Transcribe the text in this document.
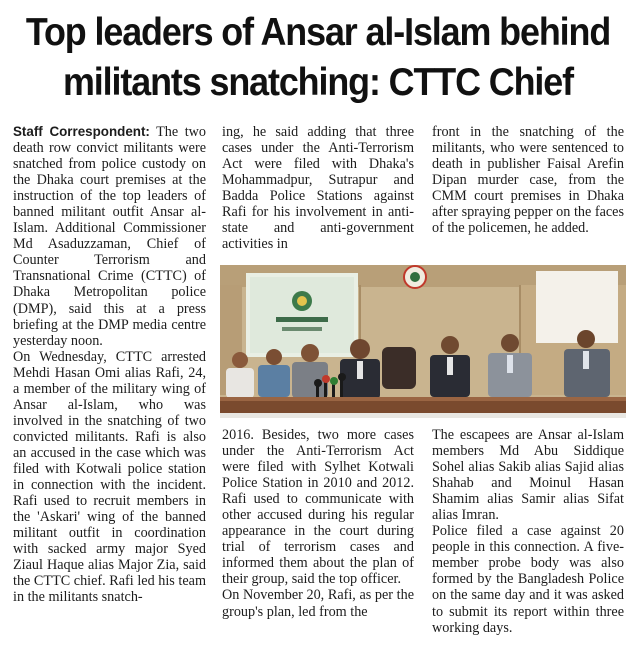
Top leaders of Ansar al-Islam behind
militants snatching: CTTC Chief

Staff Correspondent: The two death row convict militants were snatched from police custody on the Dhaka court premises at the instruction of the top leaders of banned militant outfit Ansar al-Islam. Additional Commissioner Md Asaduzzaman, Chief of Counter Terrorism and Transnational Crime (CTTC) of Dhaka Metropolitan police (DMP), said this at a press briefing at the DMP media centre yesterday noon.

On Wednesday, CTTC arrested Mehdi Hasan Omi alias Rafi, 24, a member of the military wing of Ansar al-Islam, who was involved in the snatching of two convicted militants. Rafi is also an accused in the case which was filed with Kotwali police station in connection with the incident. Rafi used to recruit members in the 'Askari' wing of the banned militant outfit in coordination with sacked army major Syed Ziaul Haque alias Major Zia, said the CTTC chief. Rafi led his team in the militants snatch-

ing, he said adding that three cases under the Anti-Terrorism Act were filed with Dhaka's Mohammadpur, Sutrapur and Badda Police Stations against Rafi for his involvement in anti-state and anti-government activities in

front in the snatching of the militants, who were sentenced to death in publisher Faisal Arefin Dipan murder case, from the CMM court premises in Dhaka after spraying pepper on the faces of the policemen, he added.

2016. Besides, two more cases under the Anti-Terrorism Act were filed with Sylhet Kotwali Police Station in 2010 and 2012. Rafi used to communicate with other accused during his regular appearance in the court during trial of terrorism cases and informed them about the plan of their group, said the top officer.

On November 20, Rafi, as per the group's plan, led from the

The escapees are Ansar al-Islam members Md Abu Siddique Sohel alias Sakib alias Sajid alias Shahab and Moinul Hasan Shamim alias Samir alias Sifat alias Imran.

Police filed a case against 20 people in this connection. A five-member probe body was also formed by the Bangladesh Police on the same day and it was asked to submit its report within three working days.
